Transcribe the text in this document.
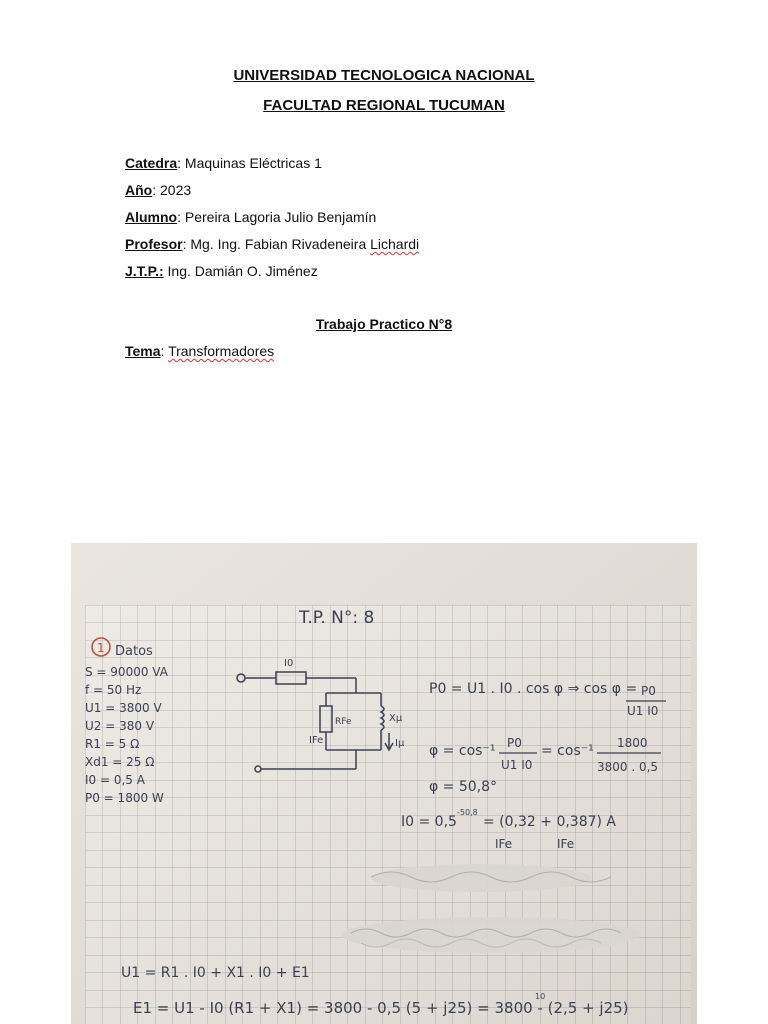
UNIVERSIDAD TECNOLOGICA NACIONAL
FACULTAD REGIONAL TUCUMAN
Catedra: Maquinas Eléctricas 1
Año: 2023
Alumno: Pereira Lagoria Julio Benjamín
Profesor: Mg. Ing. Fabian Rivadeneira Lichardi
J.T.P.: Ing. Damián O. Jiménez
Trabajo Practico N°8
Tema: Transformadores
T.P. N°: 8
1 Datos
S = 90000 VA
f = 50 Hz
U1 = 3800 V
U2 = 380 V
R1 = 5 Ω
Xd1 = 25 Ω
I0 = 0,5 A
P0 = 1800 W
I0
RFe	Xμ
IFe	Iμ
P0 = U1 . I0 . cos φ ⇒ cos φ = P0
U1 I0
φ = cos⁻¹ P0
U1 I0
= cos⁻¹ 1800
3800 . 0,5
φ = 50,8°
I0 = 0,5
-50,8
= (0,32 + 0,387) A
IFe	IFe
U1 = R1 . I0 + X1 . I0 + E1
E1 = U1 - I0 (R1 + X1) = 3800 - 0,5 (5 + j25) = 3800 - (2,5 + j25)
10
